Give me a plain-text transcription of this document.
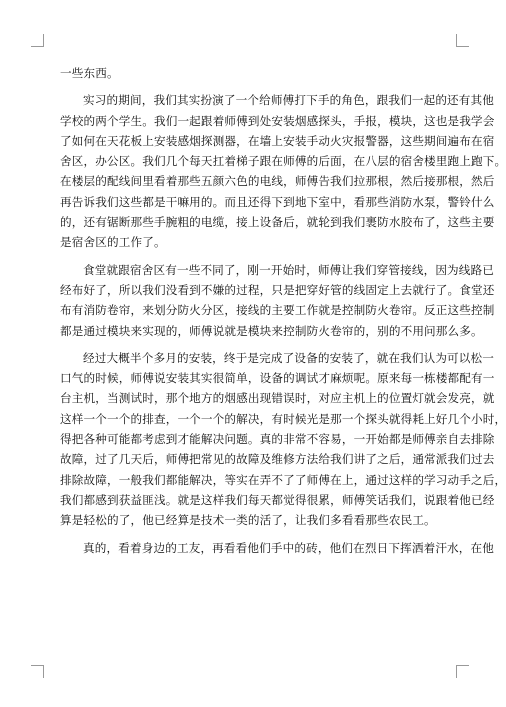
一些东西。
实习的期间，我们其实扮演了一个给师傅打下手的角色，跟我们一起的还有其他
学校的两个学生。我们一起跟着师傅到处安装烟感探头，手报，模块，这也是我学会
了如何在天花板上安装感烟探测器，在墙上安装手动火灾报警器，这些期间遍布在宿
舍区，办公区。我们几个每天扛着梯子跟在师傅的后面，在八层的宿舍楼里跑上跑下。
在楼层的配线间里看着那些五颜六色的电线，师傅告我们拉那根，然后接那根，然后
再告诉我们这些都是干嘛用的。而且还得下到地下室中，看那些消防水泵，警铃什么
的，还有锯断那些手腕粗的电缆，接上设备后，就轮到我们裹防水胶布了，这些主要
是宿舍区的工作了。
食堂就跟宿舍区有一些不同了，刚一开始时，师傅让我们穿管接线，因为线路已
经布好了，所以我们没看到不嫌的过程，只是把穿好管的线固定上去就行了。食堂还
布有消防卷帘，来划分防火分区，接线的主要工作就是控制防火卷帘。反正这些控制
都是通过模块来实现的，师傅说就是模块来控制防火卷帘的，别的不用问那么多。
经过大概半个多月的安装，终于是完成了设备的安装了，就在我们认为可以松一
口气的时候，师傅说安装其实很简单，设备的调试才麻烦呢。原来每一栋楼都配有一
台主机，当测试时，那个地方的烟感出现错误时，对应主机上的位置灯就会发亮，就
这样一个一个的排查，一个一个的解决，有时候光是那一个探头就得耗上好几个小时，
得把各种可能都考虑到才能解决问题。真的非常不容易，一开始都是师傅亲自去排除
故障，过了几天后，师傅把常见的故障及维修方法给我们讲了之后，通常派我们过去
排除故障，一般我们都能解决，等实在弄不了了师傅在上，通过这样的学习动手之后，
我们都感到获益匪浅。就是这样我们每天都觉得很累，师傅笑话我们，说跟着他已经
算是轻松的了，他已经算是技术一类的活了，让我们多看看那些农民工。
真的，看着身边的工友，再看看他们手中的砖，他们在烈日下挥洒着汗水，在他
